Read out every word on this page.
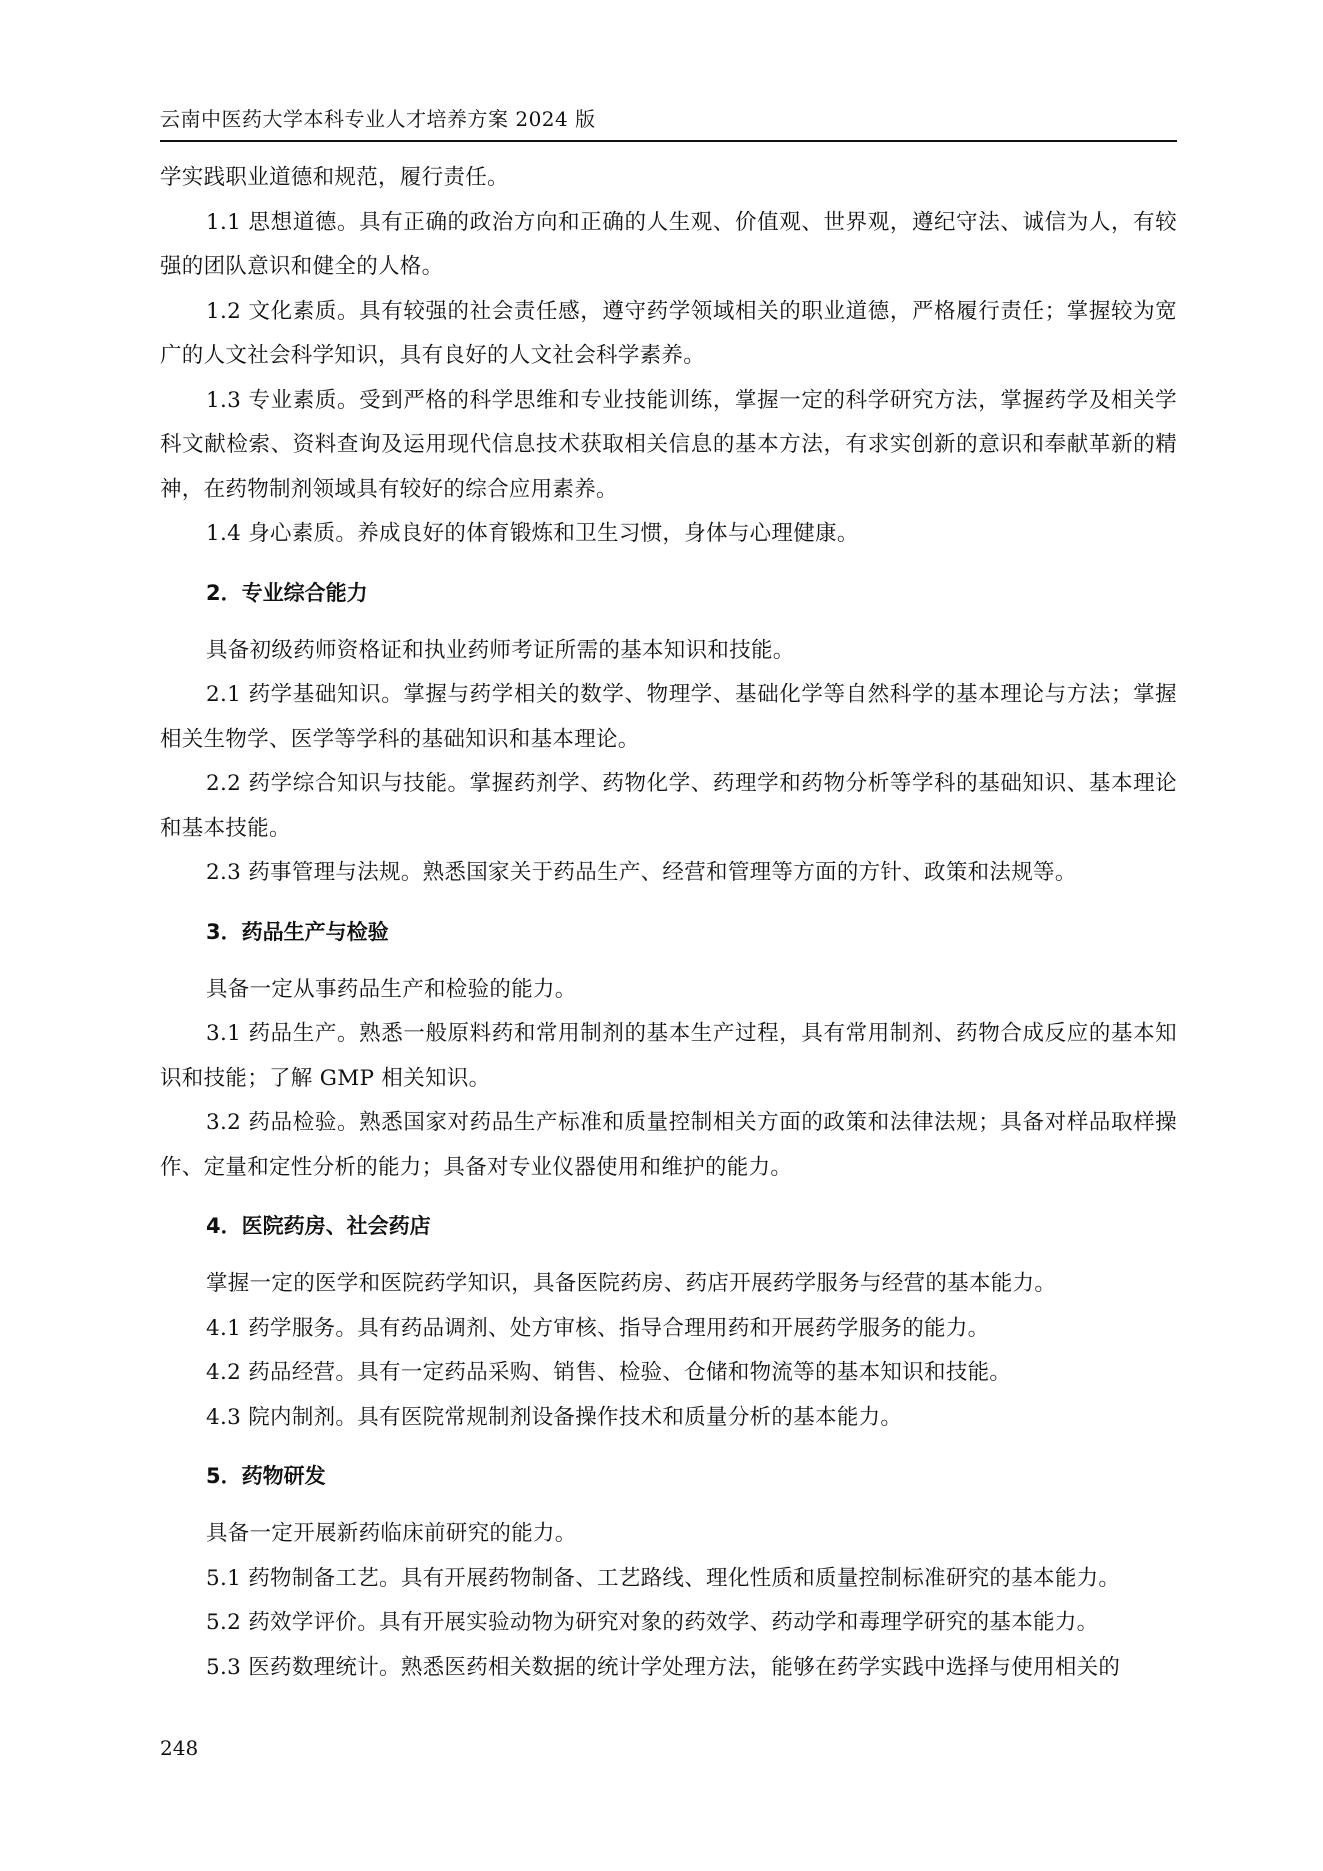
云南中医药大学本科专业人才培养方案 2024 版

学实践职业道德和规范，履行责任。

1.1 思想道德。具有正确的政治方向和正确的人生观、价值观、世界观，遵纪守法、诚信为人，有较强的团队意识和健全的人格。

1.2 文化素质。具有较强的社会责任感，遵守药学领域相关的职业道德，严格履行责任；掌握较为宽广的人文社会科学知识，具有良好的人文社会科学素养。

1.3 专业素质。受到严格的科学思维和专业技能训练，掌握一定的科学研究方法，掌握药学及相关学科文献检索、资料查询及运用现代信息技术获取相关信息的基本方法，有求实创新的意识和奉献革新的精神，在药物制剂领域具有较好的综合应用素养。

1.4 身心素质。养成良好的体育锻炼和卫生习惯，身体与心理健康。

2．专业综合能力

具备初级药师资格证和执业药师考证所需的基本知识和技能。

2.1 药学基础知识。掌握与药学相关的数学、物理学、基础化学等自然科学的基本理论与方法；掌握相关生物学、医学等学科的基础知识和基本理论。

2.2 药学综合知识与技能。掌握药剂学、药物化学、药理学和药物分析等学科的基础知识、基本理论和基本技能。

2.3 药事管理与法规。熟悉国家关于药品生产、经营和管理等方面的方针、政策和法规等。

3．药品生产与检验

具备一定从事药品生产和检验的能力。

3.1 药品生产。熟悉一般原料药和常用制剂的基本生产过程，具有常用制剂、药物合成反应的基本知识和技能；了解 GMP 相关知识。

3.2 药品检验。熟悉国家对药品生产标准和质量控制相关方面的政策和法律法规；具备对样品取样操作、定量和定性分析的能力；具备对专业仪器使用和维护的能力。

4．医院药房、社会药店

掌握一定的医学和医院药学知识，具备医院药房、药店开展药学服务与经营的基本能力。

4.1 药学服务。具有药品调剂、处方审核、指导合理用药和开展药学服务的能力。

4.2 药品经营。具有一定药品采购、销售、检验、仓储和物流等的基本知识和技能。

4.3 院内制剂。具有医院常规制剂设备操作技术和质量分析的基本能力。

5．药物研发

具备一定开展新药临床前研究的能力。

5.1 药物制备工艺。具有开展药物制备、工艺路线、理化性质和质量控制标准研究的基本能力。

5.2 药效学评价。具有开展实验动物为研究对象的药效学、药动学和毒理学研究的基本能力。

5.3 医药数理统计。熟悉医药相关数据的统计学处理方法，能够在药学实践中选择与使用相关的

248
